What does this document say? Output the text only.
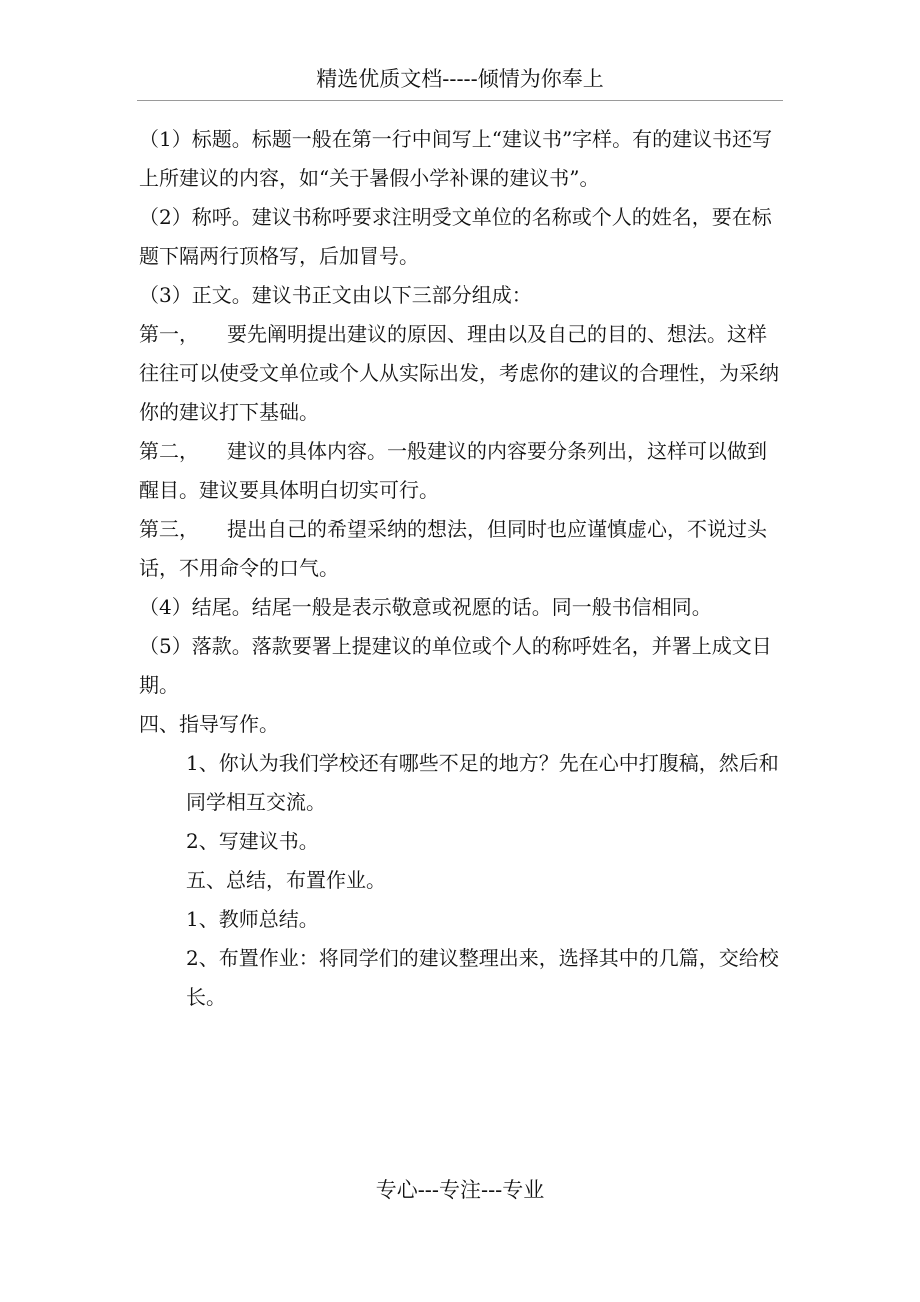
精选优质文档-----倾情为你奉上

（1）标题。标题一般在第一行中间写上“建议书”字样。有的建议书还写上所建议的内容，如“关于暑假小学补课的建议书”。

（2）称呼。建议书称呼要求注明受文单位的名称或个人的姓名，要在标题下隔两行顶格写，后加冒号。

（3）正文。建议书正文由以下三部分组成：

第一， 要先阐明提出建议的原因、理由以及自己的目的、想法。这样往往可以使受文单位或个人从实际出发，考虑你的建议的合理性，为采纳你的建议打下基础。

第二， 建议的具体内容。一般建议的内容要分条列出，这样可以做到醒目。建议要具体明白切实可行。

第三， 提出自己的希望采纳的想法，但同时也应谨慎虚心，不说过头话，不用命令的口气。

（4）结尾。结尾一般是表示敬意或祝愿的话。同一般书信相同。

（5）落款。落款要署上提建议的单位或个人的称呼姓名，并署上成文日期。

四、指导写作。

1、你认为我们学校还有哪些不足的地方？先在心中打腹稿，然后和同学相互交流。

2、写建议书。

五、总结，布置作业。

1、教师总结。

2、布置作业：将同学们的建议整理出来，选择其中的几篇，交给校长。

专心---专注---专业
